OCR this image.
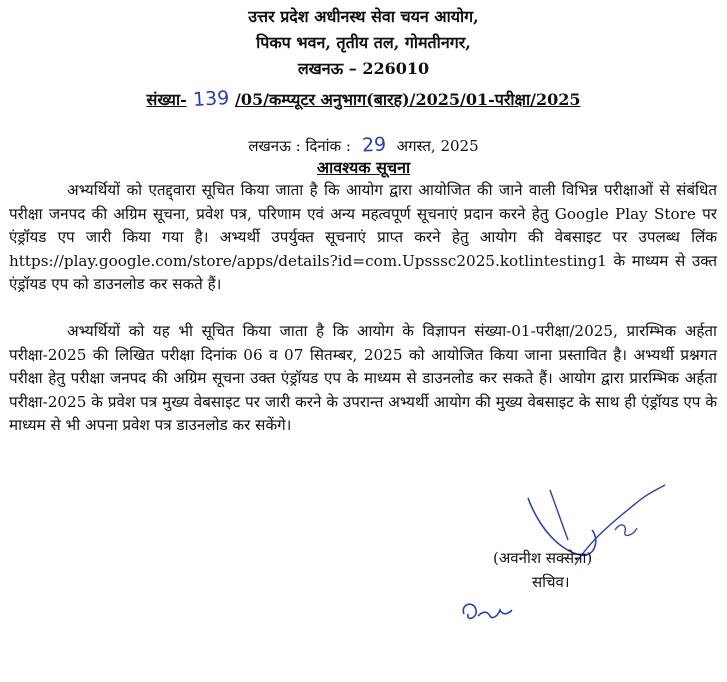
उत्तर प्रदेश अधीनस्थ सेवा चयन आयोग,
पिकप भवन, तृतीय तल, गोमतीनगर,
लखनऊ – 226010
संख्या- 139 /05/कम्प्यूटर अनुभाग(बारह)/2025/01-परीक्षा/2025
लखनऊ : दिनांक : 29 अगस्त, 2025
आवश्यक सूचना
अभ्यर्थियों को एतद्द्वारा सूचित किया जाता है कि आयोग द्वारा आयोजित की जाने वाली विभिन्न परीक्षाओं से संबंधित परीक्षा जनपद की अग्रिम सूचना, प्रवेश पत्र, परिणाम एवं अन्य महत्वपूर्ण सूचनाएं प्रदान करने हेतु Google Play Store पर एंड्रॉयड एप जारी किया गया है। अभ्यर्थी उपर्युक्त सूचनाएं प्राप्त करने हेतु आयोग की वेबसाइट पर उपलब्ध लिंक https://play.google.com/store/apps/details?id=com.Upsssc2025.kotlintesting1 के माध्यम से उक्त एंड्रॉयड एप को डाउनलोड कर सकते हैं।
अभ्यर्थियों को यह भी सूचित किया जाता है कि आयोग के विज्ञापन संख्या-01-परीक्षा/2025, प्रारम्भिक अर्हता परीक्षा-2025 की लिखित परीक्षा दिनांक 06 व 07 सितम्बर, 2025 को आयोजित किया जाना प्रस्तावित है। अभ्यर्थी प्रश्नगत परीक्षा हेतु परीक्षा जनपद की अग्रिम सूचना उक्त एंड्रॉयड एप के माध्यम से डाउनलोड कर सकते हैं। आयोग द्वारा प्रारम्भिक अर्हता परीक्षा-2025 के प्रवेश पत्र मुख्य वेबसाइट पर जारी करने के उपरान्त अभ्यर्थी आयोग की मुख्य वेबसाइट के साथ ही एंड्रॉयड एप के माध्यम से भी अपना प्रवेश पत्र डाउनलोड कर सकेंगे।
(अवनीश सक्सेना)
सचिव।
